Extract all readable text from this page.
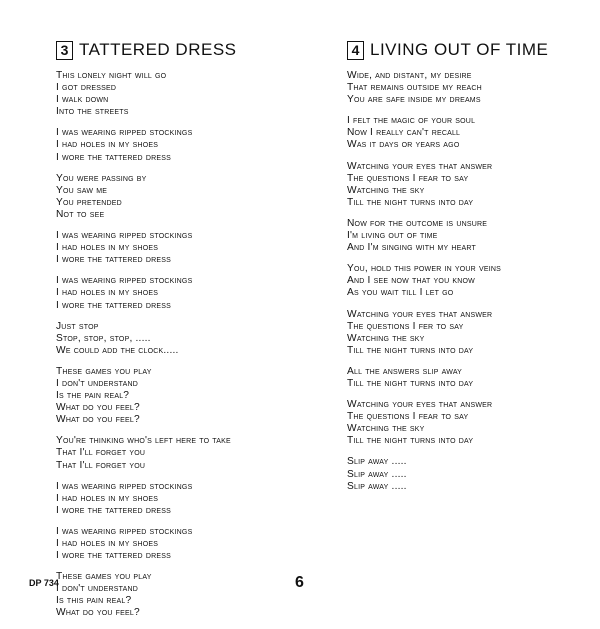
3 TATTERED DRESS
This lonely night will go
I got dressed
I walk down
Into the streets
I was wearing ripped stockings
I had holes in my shoes
I wore the tattered dress
You were passing by
You saw me
You pretended
Not to see
I was wearing ripped stockings
I had holes in my shoes
I wore the tattered dress
I was wearing ripped stockings
I had holes in my shoes
I wore the tattered dress
Just stop
Stop, stop, stop, .....
We could add the clock.....
These games you play
I don't understand
Is the pain real?
What do you feel?
What do you feel?
You're thinking who's left here to take
That I'll forget you
That I'll forget you
I was wearing ripped stockings
I had holes in my shoes
I wore the tattered dress
I was wearing ripped stockings
I had holes in my shoes
I wore the tattered dress
These games you play
I don't understand
Is this pain real?
What do you feel?
4 LIVING OUT OF TIME
Wide, and distant, my desire
That remains outside my reach
You are safe inside my dreams
I felt the magic of your soul
Now I really can't recall
Was it days or years ago
Watching your eyes that answer
The questions I fear to say
Watching the sky
Till the night turns into day
Now for the outcome is unsure
I'm living out of time
And I'm singing with my heart
You, hold this power in your veins
And I see now that you know
As you wait till I let go
Watching your eyes that answer
The questions I fer to say
Watching the sky
Till the night turns into day
All the answers slip away
Till the night turns into day
Watching your eyes that answer
The questions I fear to say
Watching the sky
Till the night turns into day
Slip away .....
Slip away .....
Slip away .....
DP 734	6
